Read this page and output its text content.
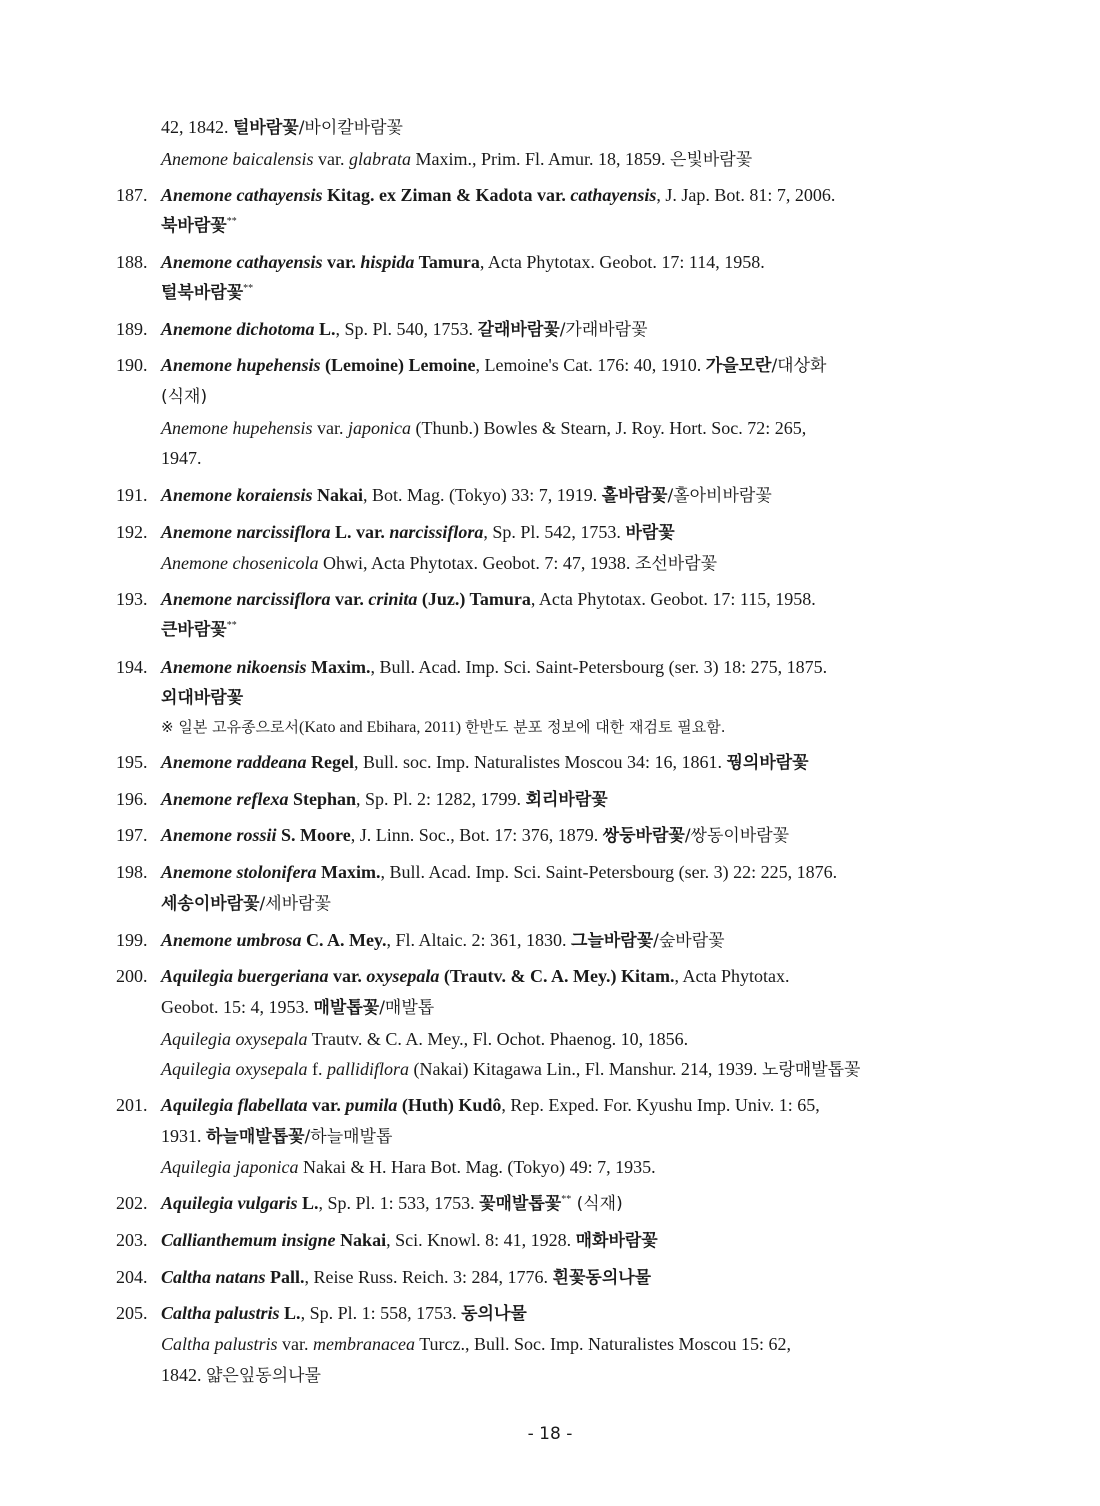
42, 1842. 털바람꽃/바이칼바람꽃
Anemone baicalensis var. glabrata Maxim., Prim. Fl. Amur. 18, 1859. 은빛바람꽃
187. Anemone cathayensis Kitag. ex Ziman & Kadota var. cathayensis, J. Jap. Bot. 81: 7, 2006.
북바람꽃**
188. Anemone cathayensis var. hispida Tamura, Acta Phytotax. Geobot. 17: 114, 1958.
털북바람꽃**
189. Anemone dichotoma L., Sp. Pl. 540, 1753. 갈래바람꽃/가래바람꽃
190. Anemone hupehensis (Lemoine) Lemoine, Lemoine's Cat. 176: 40, 1910. 가을모란/대상화
(식재)
Anemone hupehensis var. japonica (Thunb.) Bowles & Stearn, J. Roy. Hort. Soc. 72: 265,
1947.
191. Anemone koraiensis Nakai, Bot. Mag. (Tokyo) 33: 7, 1919. 홀바람꽃/홀아비바람꽃
192. Anemone narcissiflora L. var. narcissiflora, Sp. Pl. 542, 1753. 바람꽃
Anemone chosenicola Ohwi, Acta Phytotax. Geobot. 7: 47, 1938. 조선바람꽃
193. Anemone narcissiflora var. crinita (Juz.) Tamura, Acta Phytotax. Geobot. 17: 115, 1958.
큰바람꽃**
194. Anemone nikoensis Maxim., Bull. Acad. Imp. Sci. Saint-Petersbourg (ser. 3) 18: 275, 1875.
외대바람꽃
※ 일본 고유종으로서(Kato and Ebihara, 2011) 한반도 분포 정보에 대한 재검토 필요함.
195. Anemone raddeana Regel, Bull. soc. Imp. Naturalistes Moscou 34: 16, 1861. 꿩의바람꽃
196. Anemone reflexa Stephan, Sp. Pl. 2: 1282, 1799. 회리바람꽃
197. Anemone rossii S. Moore, J. Linn. Soc., Bot. 17: 376, 1879. 쌍둥바람꽃/쌍동이바람꽃
198. Anemone stolonifera Maxim., Bull. Acad. Imp. Sci. Saint-Petersbourg (ser. 3) 22: 225, 1876.
세송이바람꽃/세바람꽃
199. Anemone umbrosa C. A. Mey., Fl. Altaic. 2: 361, 1830. 그늘바람꽃/숲바람꽃
200. Aquilegia buergeriana var. oxysepala (Trautv. & C. A. Mey.) Kitam., Acta Phytotax.
Geobot. 15: 4, 1953. 매발톱꽃/매발톱
Aquilegia oxysepala Trautv. & C. A. Mey., Fl. Ochot. Phaenog. 10, 1856.
Aquilegia oxysepala f. pallidiflora (Nakai) Kitagawa Lin., Fl. Manshur. 214, 1939. 노랑매발톱꽃
201. Aquilegia flabellata var. pumila (Huth) Kudô, Rep. Exped. For. Kyushu Imp. Univ. 1: 65,
1931. 하늘매발톱꽃/하늘매발톱
Aquilegia japonica Nakai & H. Hara Bot. Mag. (Tokyo) 49: 7, 1935.
202. Aquilegia vulgaris L., Sp. Pl. 1: 533, 1753. 꽃매발톱꽃** (식재)
203. Callianthemum insigne Nakai, Sci. Knowl. 8: 41, 1928. 매화바람꽃
204. Caltha natans Pall., Reise Russ. Reich. 3: 284, 1776. 흰꽃동의나물
205. Caltha palustris L., Sp. Pl. 1: 558, 1753. 동의나물
Caltha palustris var. membranacea Turcz., Bull. Soc. Imp. Naturalistes Moscou 15: 62,
1842. 얇은잎동의나물
- 18 -
